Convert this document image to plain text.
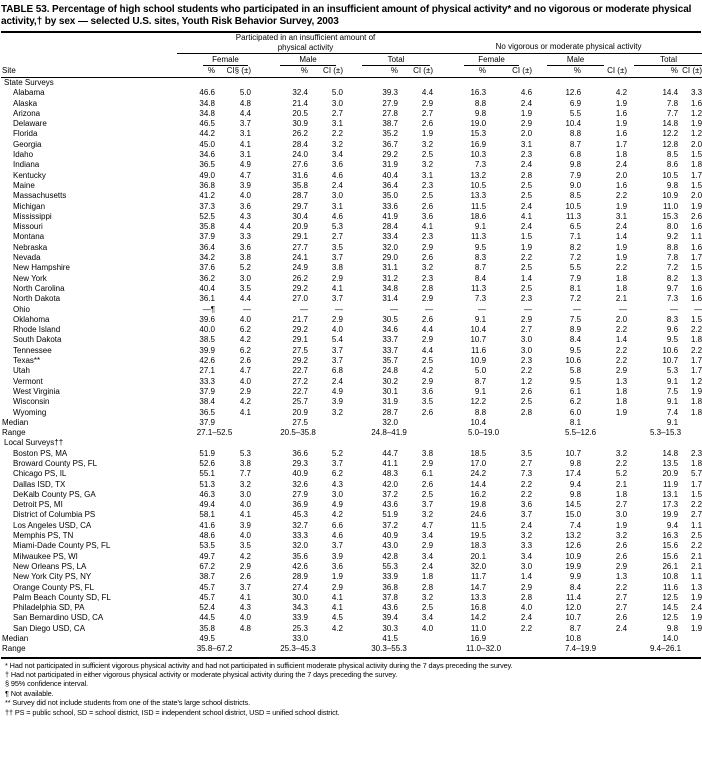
TABLE 53. Percentage of high school students who participated in an insufficient amount of physical activity* and no vigorous or moderate physical activity,† by sex — selected U.S. sites, Youth Risk Behavior Survey, 2003

	Participated in an insufficient amount of physical activity						No vigorous or moderate physical activity					

	Female		Male		Total		Female		Male		Total	

Site	%	CI§ (±)	%	CI (±)	%	CI (±)	%	CI (±)	%	CI (±)	%	CI (±)
State Surveys												
Alabama	46.6	5.0	32.4	5.0	39.3	4.4	16.3	4.6	12.6	4.2	14.4	3.3
Alaska	34.8	4.8	21.4	3.0	27.9	2.9	8.8	2.4	6.9	1.9	7.8	1.6
Arizona	34.8	4.4	20.5	2.7	27.8	2.7	9.8	1.9	5.5	1.6	7.7	1.2
Delaware	46.5	3.7	30.9	3.1	38.7	2.6	19.0	2.9	10.4	1.9	14.8	1.9
Florida	44.2	3.1	26.2	2.2	35.2	1.9	15.3	2.0	8.8	1.6	12.2	1.2
Georgia	45.0	4.1	28.4	3.2	36.7	3.2	16.9	3.1	8.7	1.7	12.8	2.0
Idaho	34.6	3.1	24.0	3.4	29.2	2.5	10.3	2.3	6.8	1.8	8.5	1.5
Indiana	36.5	4.9	27.6	3.6	31.9	3.2	7.3	2.4	9.8	2.4	8.6	1.8
Kentucky	49.0	4.7	31.6	4.6	40.4	3.1	13.2	2.8	7.9	2.0	10.5	1.7
Maine	36.8	3.9	35.8	2.4	36.4	2.3	10.5	2.5	9.0	1.6	9.8	1.5
Massachusetts	41.2	4.0	28.7	3.0	35.0	2.5	13.3	2.5	8.5	2.2	10.9	2.0
Michigan	37.3	3.6	29.7	3.1	33.6	2.6	11.5	2.4	10.5	1.9	11.0	1.9
Mississippi	52.5	4.3	30.4	4.6	41.9	3.6	18.6	4.1	11.3	3.1	15.3	2.6
Missouri	35.8	4.4	20.9	5.3	28.4	4.1	9.1	2.4	6.5	2.4	8.0	1.6
Montana	37.9	3.3	29.1	2.7	33.4	2.3	11.3	1.5	7.1	1.4	9.2	1.1
Nebraska	36.4	3.6	27.7	3.5	32.0	2.9	9.5	1.9	8.2	1.9	8.8	1.6
Nevada	34.2	3.8	24.1	3.7	29.0	2.6	8.3	2.2	7.2	1.9	7.8	1.7
New Hampshire	37.6	5.2	24.9	3.8	31.1	3.2	8.7	2.5	5.5	2.2	7.2	1.5
New York	36.2	3.0	26.2	2.9	31.2	2.3	8.4	1.4	7.9	1.8	8.2	1.3
North Carolina	40.4	3.5	29.2	4.1	34.8	2.8	11.3	2.5	8.1	1.8	9.7	1.6
North Dakota	36.1	4.4	27.0	3.7	31.4	2.9	7.3	2.3	7.2	2.1	7.3	1.6
Ohio	—¶	—	—	—	—	—	—	—	—	—	—	—
Oklahoma	39.6	4.0	21.7	2.9	30.5	2.6	9.1	2.9	7.5	2.0	8.3	1.5
Rhode Island	40.0	6.2	29.2	4.0	34.6	4.4	10.4	2.7	8.9	2.2	9.6	2.2
South Dakota	38.5	4.2	29.1	5.4	33.7	2.9	10.7	3.0	8.4	1.4	9.5	1.8
Tennessee	39.9	6.2	27.5	3.7	33.7	4.4	11.6	3.0	9.5	2.2	10.6	2.2
Texas**	42.6	2.6	29.2	3.7	35.7	2.5	10.9	2.3	10.6	2.2	10.7	1.7
Utah	27.1	4.7	22.7	6.8	24.8	4.2	5.0	2.2	5.8	2.9	5.3	1.7
Vermont	33.3	4.0	27.2	2.4	30.2	2.9	8.7	1.2	9.5	1.3	9.1	1.2
West Virginia	37.9	2.9	22.7	4.9	30.1	3.6	9.1	2.6	6.1	1.8	7.5	1.9
Wisconsin	38.4	4.2	25.7	3.9	31.9	3.5	12.2	2.5	6.2	1.8	9.1	1.8
Wyoming	36.5	4.1	20.9	3.2	28.7	2.6	8.8	2.8	6.0	1.9	7.4	1.8
Median	37.9		27.5		32.0		10.4		8.1		9.1	
Range	27.1–52.5		20.5–35.8		24.8–41.9		5.0–19.0		5.5–12.6		5.3–15.3	
Local Surveys††												
Boston PS, MA	51.9	5.3	36.6	5.2	44.7	3.8	18.5	3.5	10.7	3.2	14.8	2.3
Broward County PS, FL	52.6	3.8	29.3	3.7	41.1	2.9	17.0	2.7	9.8	2.2	13.5	1.8
Chicago PS, IL	55.1	7.7	40.9	6.2	48.3	6.1	24.2	7.3	17.4	5.2	20.9	5.7
Dallas ISD, TX	51.3	3.2	32.6	4.3	42.0	2.6	14.4	2.2	9.4	2.1	11.9	1.7
DeKalb County PS, GA	46.3	3.0	27.9	3.0	37.2	2.5	16.2	2.2	9.8	1.8	13.1	1.5
Detroit PS, MI	49.4	4.0	36.9	4.9	43.6	3.7	19.8	3.6	14.5	2.7	17.3	2.2
District of Columbia PS	58.1	4.1	45.3	4.2	51.9	3.2	24.6	3.7	15.0	3.0	19.9	2.7
Los Angeles USD, CA	41.6	3.9	32.7	6.6	37.2	4.7	11.5	2.4	7.4	1.9	9.4	1.1
Memphis PS, TN	48.6	4.0	33.3	4.6	40.9	3.4	19.5	3.2	13.2	3.2	16.3	2.5
Miami-Dade County PS, FL	53.5	3.5	32.0	3.7	43.0	2.9	18.3	3.3	12.6	2.6	15.6	2.2
Milwaukee PS, WI	49.7	4.2	35.6	3.9	42.8	3.4	20.1	3.4	10.9	2.6	15.6	2.1
New Orleans PS, LA	67.2	2.9	42.6	3.6	55.3	2.4	32.0	3.0	19.9	2.9	26.1	2.1
New York City PS, NY	38.7	2.6	28.9	1.9	33.9	1.8	11.7	1.4	9.9	1.3	10.8	1.1
Orange County PS, FL	45.7	3.7	27.4	2.9	36.8	2.8	14.7	2.9	8.4	2.2	11.6	1.3
Palm Beach County SD, FL	45.7	4.1	30.0	4.1	37.8	3.2	13.3	2.8	11.4	2.7	12.5	1.9
Philadelphia SD, PA	52.4	4.3	34.3	4.1	43.6	2.5	16.8	4.0	12.0	2.7	14.5	2.4
San Bernardino USD, CA	44.5	4.0	33.9	4.5	39.4	3.4	14.2	2.4	10.7	2.6	12.5	1.9
San Diego USD, CA	35.8	4.8	25.3	4.2	30.3	4.0	11.0	2.2	8.7	2.4	9.8	1.9
Median	49.5		33.0		41.5		16.9		10.8		14.0	
Range	35.8–67.2		25.3–45.3		30.3–55.3		11.0–32.0		7.4–19.9		9.4–26.1	
* Had not participated in sufficient vigorous physical activity and had not participated in sufficient moderate physical activity during the 7 days preceding the survey.
† Had not participated in either vigorous physical activity or moderate physical activity during the 7 days preceding the survey.
§ 95% confidence interval.
¶ Not available.
** Survey did not include students from one of the state's large school districts.
†† PS = public school, SD = school district, ISD = independent school district, USD = unified school district.
